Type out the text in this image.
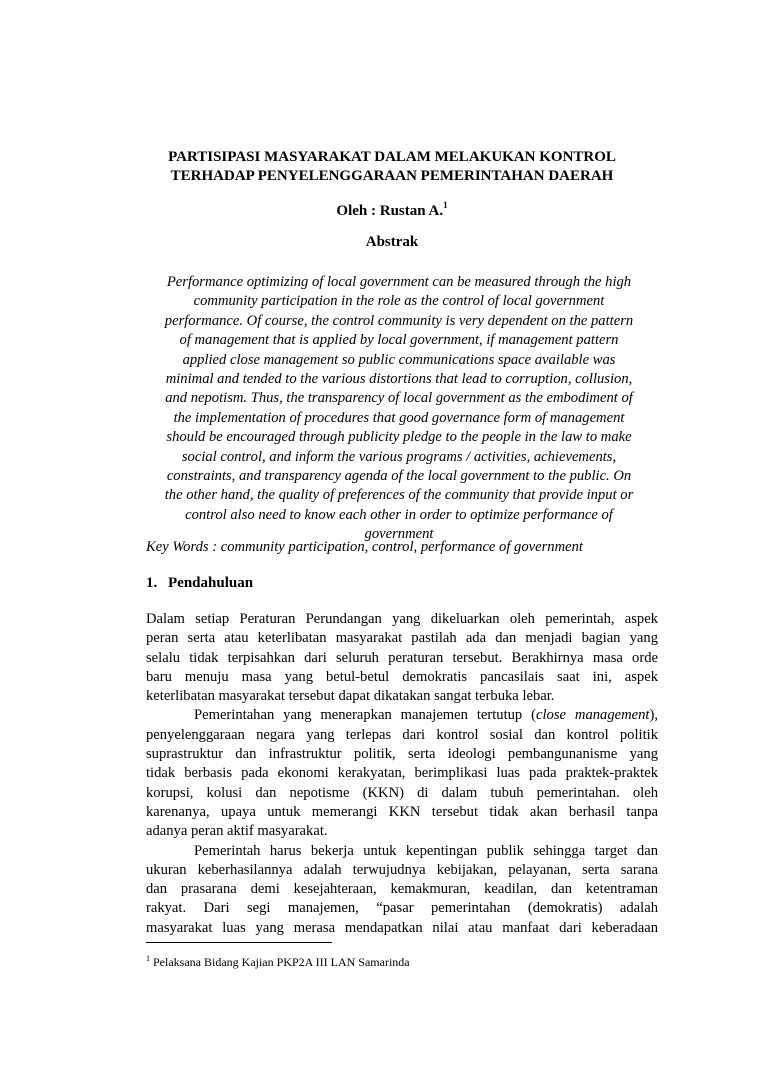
PARTISIPASI MASYARAKAT DALAM MELAKUKAN KONTROL
TERHADAP PENYELENGGARAAN PEMERINTAHAN DAERAH
Oleh : Rustan A.$^1$
Abstrak
Performance optimizing of local government can be measured through the high
community participation in the role as the control of local government
performance. Of course, the control community is very dependent on the pattern
of management that is applied by local government, if management pattern
applied close management so public communications space available was
minimal and tended to the various distortions that lead to corruption, collusion,
and nepotism. Thus, the transparency of local government as the embodiment of
the implementation of procedures that good governance form of management
should be encouraged through publicity pledge to the people in the law to make
social control, and inform the various programs / activities, achievements,
constraints, and transparency agenda of the local government to the public. On
the other hand, the quality of preferences of the community that provide input or
control also need to know each other in order to optimize performance of
government
Key Words : community participation, control, performance of government
1. Pendahuluan
Dalam setiap Peraturan Perundangan yang dikeluarkan oleh pemerintah, aspek
peran serta atau keterlibatan masyarakat pastilah ada dan menjadi bagian yang
selalu tidak terpisahkan dari seluruh peraturan tersebut. Berakhirnya masa orde
baru menuju masa yang betul-betul demokratis pancasilais saat ini, aspek
keterlibatan masyarakat tersebut dapat dikatakan sangat terbuka lebar.
Pemerintahan yang menerapkan manajemen tertutup (close management),
penyelenggaraan negara yang terlepas dari kontrol sosial dan kontrol politik
suprastruktur dan infrastruktur politik, serta ideologi pembangunanisme yang
tidak berbasis pada ekonomi kerakyatan, berimplikasi luas pada praktek-praktek
korupsi, kolusi dan nepotisme (KKN) di dalam tubuh pemerintahan. oleh
karenanya, upaya untuk memerangi KKN tersebut tidak akan berhasil tanpa
adanya peran aktif masyarakat.
Pemerintah harus bekerja untuk kepentingan publik sehingga target dan
ukuran keberhasilannya adalah terwujudnya kebijakan, pelayanan, serta sarana
dan prasarana demi kesejahteraan, kemakmuran, keadilan, dan ketentraman
rakyat. Dari segi manajemen, “pasar pemerintahan (demokratis) adalah
masyarakat luas yang merasa mendapatkan nilai atau manfaat dari keberadaan
$^1$ Pelaksana Bidang Kajian PKP2A III LAN Samarinda
